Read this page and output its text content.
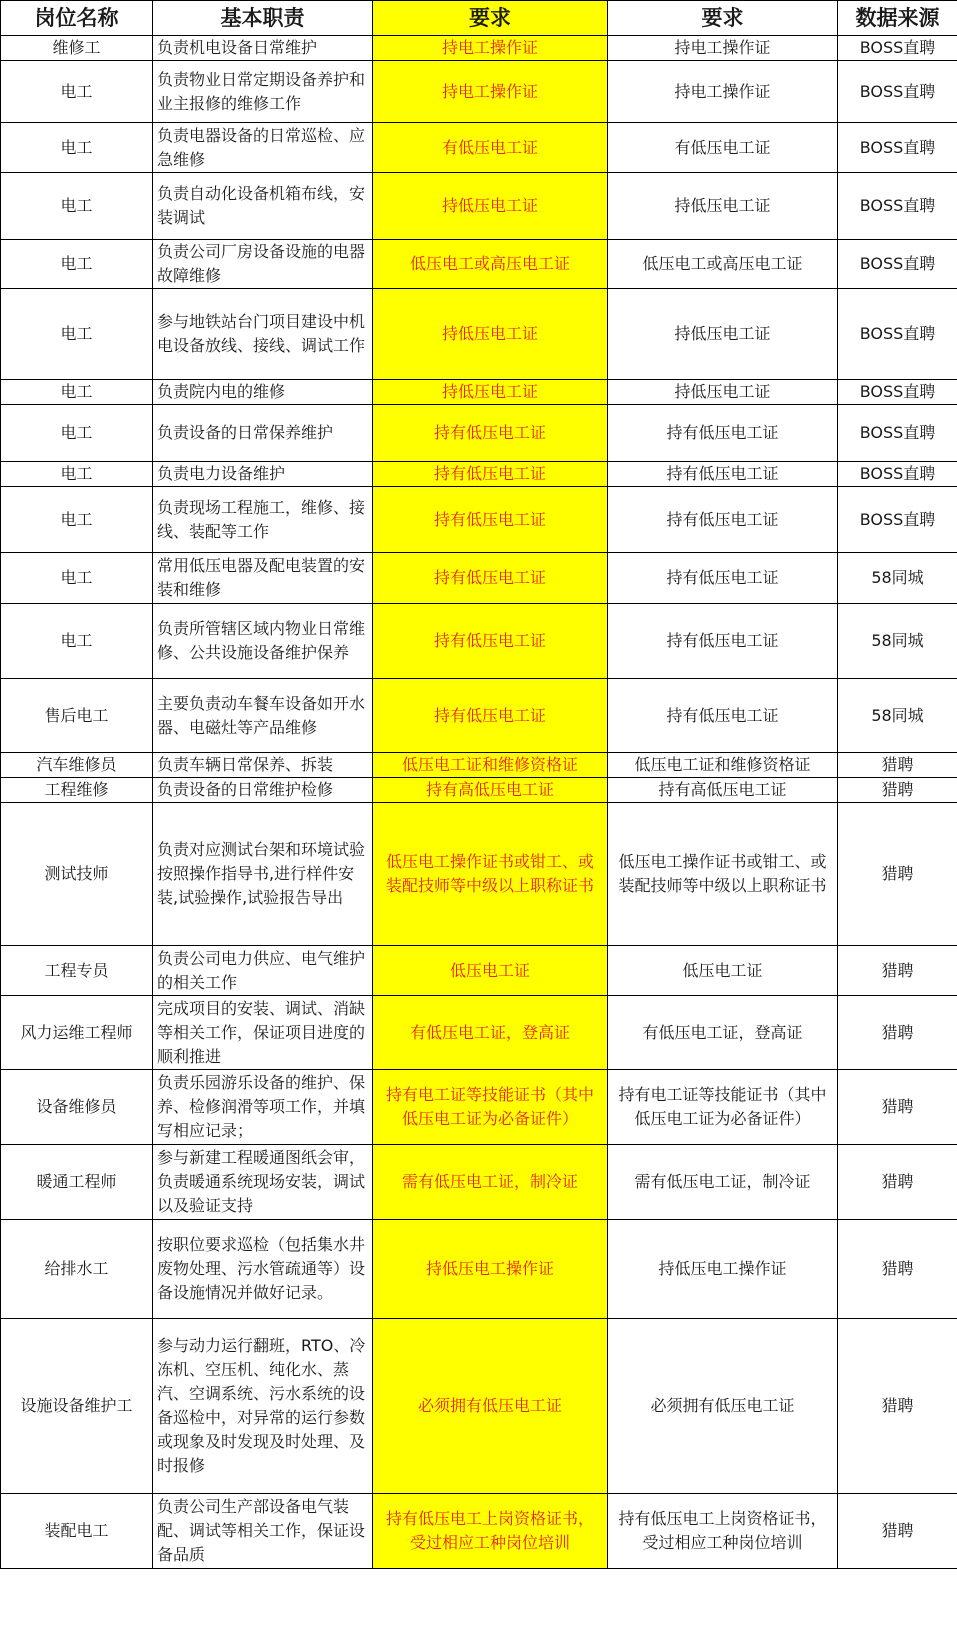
岗位名称	基本职责	要求	要求	数据来源
维修工	负责机电设备日常维护	持电工操作证	持电工操作证	BOSS直聘
电工	负责物业日常定期设备养护和业主报修的维修工作	持电工操作证	持电工操作证	BOSS直聘
电工	负责电器设备的日常巡检、应急维修	有低压电工证	有低压电工证	BOSS直聘
电工	负责自动化设备机箱布线，安装调试	持低压电工证	持低压电工证	BOSS直聘
电工	负责公司厂房设备设施的电器故障维修	低压电工或高压电工证	低压电工或高压电工证	BOSS直聘
电工	参与地铁站台门项目建设中机电设备放线、接线、调试工作	持低压电工证	持低压电工证	BOSS直聘
电工	负责院内电的维修	持低压电工证	持低压电工证	BOSS直聘
电工	负责设备的日常保养维护	持有低压电工证	持有低压电工证	BOSS直聘
电工	负责电力设备维护	持有低压电工证	持有低压电工证	BOSS直聘
电工	负责现场工程施工，维修、接线、装配等工作	持有低压电工证	持有低压电工证	BOSS直聘
电工	常用低压电器及配电装置的安装和维修	持有低压电工证	持有低压电工证	58同城
电工	负责所管辖区域内物业日常维修、公共设施设备维护保养	持有低压电工证	持有低压电工证	58同城
售后电工	主要负责动车餐车设备如开水器、电磁灶等产品维修	持有低压电工证	持有低压电工证	58同城
汽车维修员	负责车辆日常保养、拆装	低压电工证和维修资格证	低压电工证和维修资格证	猎聘
工程维修	负责设备的日常维护检修	持有高低压电工证	持有高低压电工证	猎聘
测试技师	负责对应测试台架和环境试验按照操作指导书,进行样件安装,试验操作,试验报告导出	低压电工操作证书或钳工、或装配技师等中级以上职称证书	低压电工操作证书或钳工、或装配技师等中级以上职称证书	猎聘
工程专员	负责公司电力供应、电气维护的相关工作	低压电工证	低压电工证	猎聘
风力运维工程师	完成项目的安装、调试、消缺等相关工作，保证项目进度的顺利推进	有低压电工证，登高证	有低压电工证，登高证	猎聘
设备维修员	负责乐园游乐设备的维护、保养、检修润滑等项工作，并填写相应记录；	持有电工证等技能证书（其中低压电工证为必备证件）	持有电工证等技能证书（其中低压电工证为必备证件）	猎聘
暖通工程师	参与新建工程暖通图纸会审，负责暖通系统现场安装，调试以及验证支持	需有低压电工证，制冷证	需有低压电工证，制冷证	猎聘
给排水工	按职位要求巡检（包括集水井废物处理、污水管疏通等）设备设施情况并做好记录。	持低压电工操作证	持低压电工操作证	猎聘
设施设备维护工	参与动力运行翻班，RTO、冷冻机、空压机、纯化水、蒸汽、空调系统、污水系统的设备巡检中，对异常的运行参数或现象及时发现及时处理、及时报修	必须拥有低压电工证	必须拥有低压电工证	猎聘
装配电工	负责公司生产部设备电气装配、调试等相关工作，保证设备品质	持有低压电工上岗资格证书，受过相应工种岗位培训	持有低压电工上岗资格证书，受过相应工种岗位培训	猎聘
